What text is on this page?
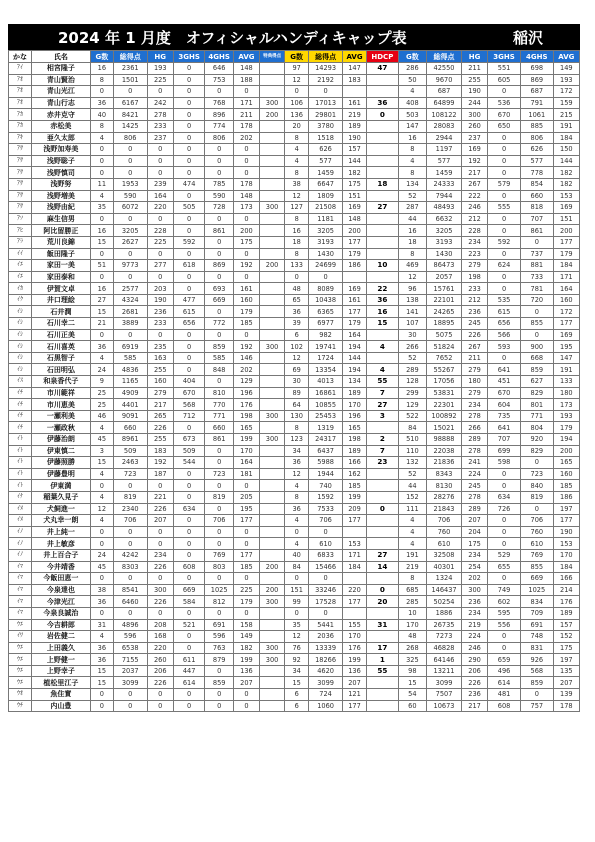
2024 年 1 月度　オフィシャルハンディキャップ表	稲沢
かな	氏名	G数	総得点	HG	3GHS	4GHS	AVG	特典得点	G数	総得点	AVG	HDCP	G数	総得点	HG	3GHS	4GHS	AVG
ｱｲ	相宮隆子	16	2361	193	0	646	148		97	14293	147	47	286	42550	211	551	698	149
ｱｵ	青山賢治	8	1501	225	0	753	188		12	2192	183		50	9670	255	605	869	193
ｱｵ	青山光江	0	0	0	0	0	0		0	0			4	687	190	0	687	172
ｱｵ	青山行志	36	6167	242	0	768	171	300	106	17013	161	36	408	64899	244	536	791	159
ｱｶ	赤井克守	40	8421	278	0	896	211	200	136	29801	219	0	503	108122	300	670	1061	215
ｱｶ	赤松美	8	1425	233	0	774	178		20	3780	189		147	28083	260	650	885	191
ｱｷ	亜久太郎	4	806	237	0	806	202		8	1518	190		16	2944	237	0	806	184
ｱｻ	浅野加寿美	0	0	0	0	0	0		4	626	157		8	1197	169	0	626	150
ｱｻ	浅野聡子	0	0	0	0	0	0		4	577	144		4	577	192	0	577	144
ｱｻ	浅野慎司	0	0	0	0	0	0		8	1459	182		8	1459	217	0	778	182
ｱｻ	浅野努	11	1953	239	474	785	178		38	6647	175	18	134	24333	267	579	854	182
ｱｻ	浅野増美	4	590	164	0	590	148		12	1809	151		52	7944	222	0	660	153
ｱｻ	浅野由紀	35	6072	220	505	728	173	300	127	21508	169	27	287	48493	246	555	818	169
ｱｿ	麻生信男	0	0	0	0	0	0		8	1181	148		44	6632	212	0	707	151
ｱﾋ	阿比留勝正	16	3205	228	0	861	200		16	3205	200		16	3205	228	0	861	200
ｱﾗ	荒川良錦	15	2627	225	592	0	175		18	3193	177		18	3193	234	592	0	177
ｲｲ	飯田隆子	0	0	0	0	0	0		8	1430	179		8	1430	223	0	737	179
ｲｴ	家田一美	51	9773	277	618	869	192	200	133	24699	186	10	469	86473	279	624	881	184
ｲｴ	家田泰和	0	0	0	0	0	0		0	0			12	2057	198	0	733	171
ｲｶ	伊賀文卓	16	2577	203	0	693	161		48	8089	169	22	96	15761	233	0	781	164
ｲｸ	井口理絵	27	4324	190	477	669	160		65	10438	161	36	138	22101	212	535	720	160
ｲｼ	石井潤	15	2681	236	615	0	179		36	6365	177	16	141	24265	236	615	0	172
ｲｼ	石川幸二	21	3889	233	656	772	185		39	6977	179	15	107	18895	245	656	855	177
ｲｼ	石川正美	0	0	0	0	0	0		6	982	164		30	5075	226	566	0	169
ｲｼ	石川喜英	36	6919	235	0	859	192	300	102	19741	194	4	266	51824	267	593	900	195
ｲｼ	石黒智子	4	585	163	0	585	146		12	1724	144		52	7652	211	0	668	147
ｲｼ	石田明弘	24	4836	255	0	848	202		69	13354	194	4	289	55267	279	641	859	191
ｲｽ	和泉香代子	9	1165	160	404	0	129		30	4013	134	55	128	17056	180	451	627	133
ｲﾁ	市川範祥	25	4909	279	670	810	196		89	16861	189	7	299	53831	279	670	829	180
ｲﾁ	市川恵美	25	4401	217	568	770	176		64	10855	170	27	129	22301	234	604	801	173
ｲﾁ	一瀬利美	46	9091	265	712	771	198	300	130	25453	196	3	522	100892	278	735	771	193
ｲﾁ	一瀬政秋	4	660	226	0	660	165		8	1319	165		84	15021	266	641	804	179
ｲﾄ	伊藤治朗	45	8961	255	673	861	199	300	123	24317	198	2	510	98888	289	707	920	194
ｲﾄ	伊東慎二	3	509	183	509	0	170		34	6437	189	7	110	22038	278	699	829	200
ｲﾄ	伊藤照勝	15	2463	192	544	0	164		36	5988	166	23	132	21836	241	598	0	165
ｲﾄ	伊藤豊明	4	723	187	0	723	181		12	1944	162		52	8343	224	0	723	160
ｲﾄ	伊東満	0	0	0	0	0	0		4	740	185		44	8130	245	0	840	185
ｲﾅ	稲葉久見子	4	819	221	0	819	205		8	1592	199		152	28276	278	634	819	186
ｲﾇ	犬飼進一	12	2340	226	634	0	195		36	7533	209	0	111	21843	289	726	0	197
ｲﾇ	犬丸幸一朗	4	706	207	0	706	177		4	706	177		4	706	207	0	706	177
ｲﾉ	井上純一	0	0	0	0	0	0		0	0			4	760	204	0	760	190
ｲﾉ	井上敏彦	0	0	0	0	0	0		4	610	153		4	610	175	0	610	153
ｲﾉ	井上百合子	24	4242	234	0	769	177		40	6833	171	27	191	32508	234	529	769	170
ｲﾏ	今井靖香	45	8303	226	608	803	185	200	84	15466	184	14	219	40301	254	655	855	184
ｲﾏ	今飯田恵一	0	0	0	0	0	0		0	0			8	1324	202	0	669	166
ｲﾏ	今泉達也	38	8541	300	669	1025	225	200	151	33246	220	0	685	146437	300	749	1025	214
ｲﾏ	今津光江	36	6460	226	584	812	179	300	99	17528	177	20	285	50254	236	602	834	176
ｲﾏ	今泉良誠治	0	0	0	0	0	0		0	0			10	1886	234	595	709	189
ｳｴ	今吉耕郎	31	4896	208	521	691	158		35	5441	155	31	170	26735	219	556	691	157
ｲﾜ	岩佐健二	4	596	168	0	596	149		12	2036	170		48	7273	224	0	748	152
ｳｴ	上田義久	36	6538	220	0	763	182	300	76	13339	176	17	268	46828	246	0	831	175
ｳｴ	上野健一	36	7155	260	611	879	199	300	92	18266	199	1	325	64146	290	659	926	197
ｳｴ	上野幸子	15	2037	206	447	0	136		34	4620	136	55	98	13211	206	496	568	135
ｳｴ	植松里江子	15	3099	226	614	859	207		15	3099	207		15	3099	226	614	859	207
ｳｵ	魚住實	0	0	0	0	0	0		6	724	121		54	7507	236	481	0	139
ｳﾁ	内山豊	0	0	0	0	0	0		6	1060	177		60	10673	217	608	757	178
